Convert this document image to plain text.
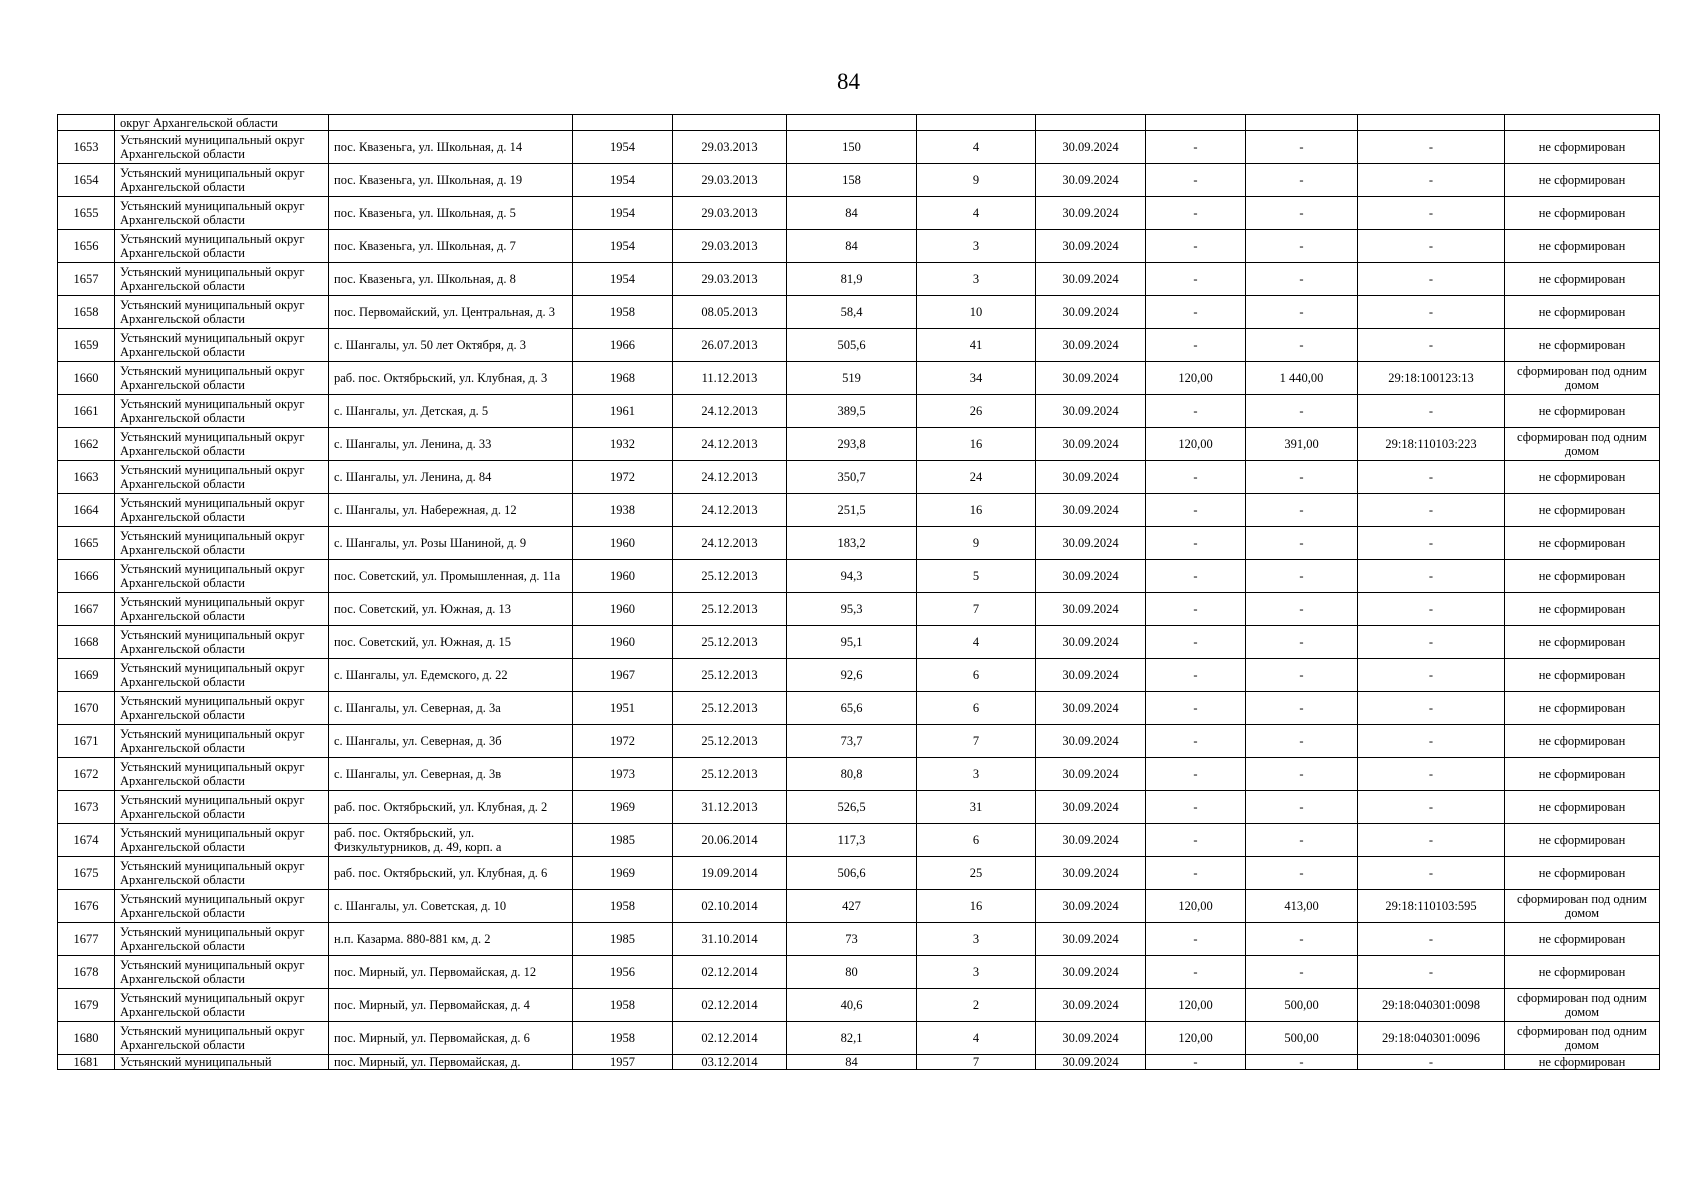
84
	округ Архангельской области										
1653	Устьянский муниципальный округ Архангельской области	пос. Квазеньга, ул. Школьная, д. 14	1954	29.03.2013	150	4	30.09.2024	-	-	-	не сформирован
1654	Устьянский муниципальный округ Архангельской области	пос. Квазеньга, ул. Школьная, д. 19	1954	29.03.2013	158	9	30.09.2024	-	-	-	не сформирован
1655	Устьянский муниципальный округ Архангельской области	пос. Квазеньга, ул. Школьная, д. 5	1954	29.03.2013	84	4	30.09.2024	-	-	-	не сформирован
1656	Устьянский муниципальный округ Архангельской области	пос. Квазеньга, ул. Школьная, д. 7	1954	29.03.2013	84	3	30.09.2024	-	-	-	не сформирован
1657	Устьянский муниципальный округ Архангельской области	пос. Квазеньга, ул. Школьная, д. 8	1954	29.03.2013	81,9	3	30.09.2024	-	-	-	не сформирован
1658	Устьянский муниципальный округ Архангельской области	пос. Первомайский, ул. Центральная, д. 3	1958	08.05.2013	58,4	10	30.09.2024	-	-	-	не сформирован
1659	Устьянский муниципальный округ Архангельской области	с. Шангалы, ул. 50 лет Октября, д. 3	1966	26.07.2013	505,6	41	30.09.2024	-	-	-	не сформирован
1660	Устьянский муниципальный округ Архангельской области	раб. пос. Октябрьский, ул. Клубная, д. 3	1968	11.12.2013	519	34	30.09.2024	120,00	1 440,00	29:18:100123:13	сформирован под одним домом
1661	Устьянский муниципальный округ Архангельской области	с. Шангалы, ул. Детская, д. 5	1961	24.12.2013	389,5	26	30.09.2024	-	-	-	не сформирован
1662	Устьянский муниципальный округ Архангельской области	с. Шангалы, ул. Ленина, д. 33	1932	24.12.2013	293,8	16	30.09.2024	120,00	391,00	29:18:110103:223	сформирован под одним домом
1663	Устьянский муниципальный округ Архангельской области	с. Шангалы, ул. Ленина, д. 84	1972	24.12.2013	350,7	24	30.09.2024	-	-	-	не сформирован
1664	Устьянский муниципальный округ Архангельской области	с. Шангалы, ул. Набережная, д. 12	1938	24.12.2013	251,5	16	30.09.2024	-	-	-	не сформирован
1665	Устьянский муниципальный округ Архангельской области	с. Шангалы, ул. Розы Шаниной, д. 9	1960	24.12.2013	183,2	9	30.09.2024	-	-	-	не сформирован
1666	Устьянский муниципальный округ Архангельской области	пос. Советский, ул. Промышленная, д. 11а	1960	25.12.2013	94,3	5	30.09.2024	-	-	-	не сформирован
1667	Устьянский муниципальный округ Архангельской области	пос. Советский, ул. Южная, д. 13	1960	25.12.2013	95,3	7	30.09.2024	-	-	-	не сформирован
1668	Устьянский муниципальный округ Архангельской области	пос. Советский, ул. Южная, д. 15	1960	25.12.2013	95,1	4	30.09.2024	-	-	-	не сформирован
1669	Устьянский муниципальный округ Архангельской области	с. Шангалы, ул. Едемского, д. 22	1967	25.12.2013	92,6	6	30.09.2024	-	-	-	не сформирован
1670	Устьянский муниципальный округ Архангельской области	с. Шангалы, ул. Северная, д. 3а	1951	25.12.2013	65,6	6	30.09.2024	-	-	-	не сформирован
1671	Устьянский муниципальный округ Архангельской области	с. Шангалы, ул. Северная, д. 3б	1972	25.12.2013	73,7	7	30.09.2024	-	-	-	не сформирован
1672	Устьянский муниципальный округ Архангельской области	с. Шангалы, ул. Северная, д. 3в	1973	25.12.2013	80,8	3	30.09.2024	-	-	-	не сформирован
1673	Устьянский муниципальный округ Архангельской области	раб. пос. Октябрьский, ул. Клубная, д. 2	1969	31.12.2013	526,5	31	30.09.2024	-	-	-	не сформирован
1674	Устьянский муниципальный округ Архангельской области	раб. пос. Октябрьский, ул. Физкультурников, д. 49, корп. а	1985	20.06.2014	117,3	6	30.09.2024	-	-	-	не сформирован
1675	Устьянский муниципальный округ Архангельской области	раб. пос. Октябрьский, ул. Клубная, д. 6	1969	19.09.2014	506,6	25	30.09.2024	-	-	-	не сформирован
1676	Устьянский муниципальный округ Архангельской области	с. Шангалы, ул. Советская, д. 10	1958	02.10.2014	427	16	30.09.2024	120,00	413,00	29:18:110103:595	сформирован под одним домом
1677	Устьянский муниципальный округ Архангельской области	н.п. Казарма. 880-881 км, д. 2	1985	31.10.2014	73	3	30.09.2024	-	-	-	не сформирован
1678	Устьянский муниципальный округ Архангельской области	пос. Мирный, ул. Первомайская, д. 12	1956	02.12.2014	80	3	30.09.2024	-	-	-	не сформирован
1679	Устьянский муниципальный округ Архангельской области	пос. Мирный, ул. Первомайская, д. 4	1958	02.12.2014	40,6	2	30.09.2024	120,00	500,00	29:18:040301:0098	сформирован под одним домом
1680	Устьянский муниципальный округ Архангельской области	пос. Мирный, ул. Первомайская, д. 6	1958	02.12.2014	82,1	4	30.09.2024	120,00	500,00	29:18:040301:0096	сформирован под одним домом
1681	Устьянский муниципальный	пос. Мирный, ул. Первомайская, д.	1957	03.12.2014	84	7	30.09.2024	-	-	-	не сформирован
